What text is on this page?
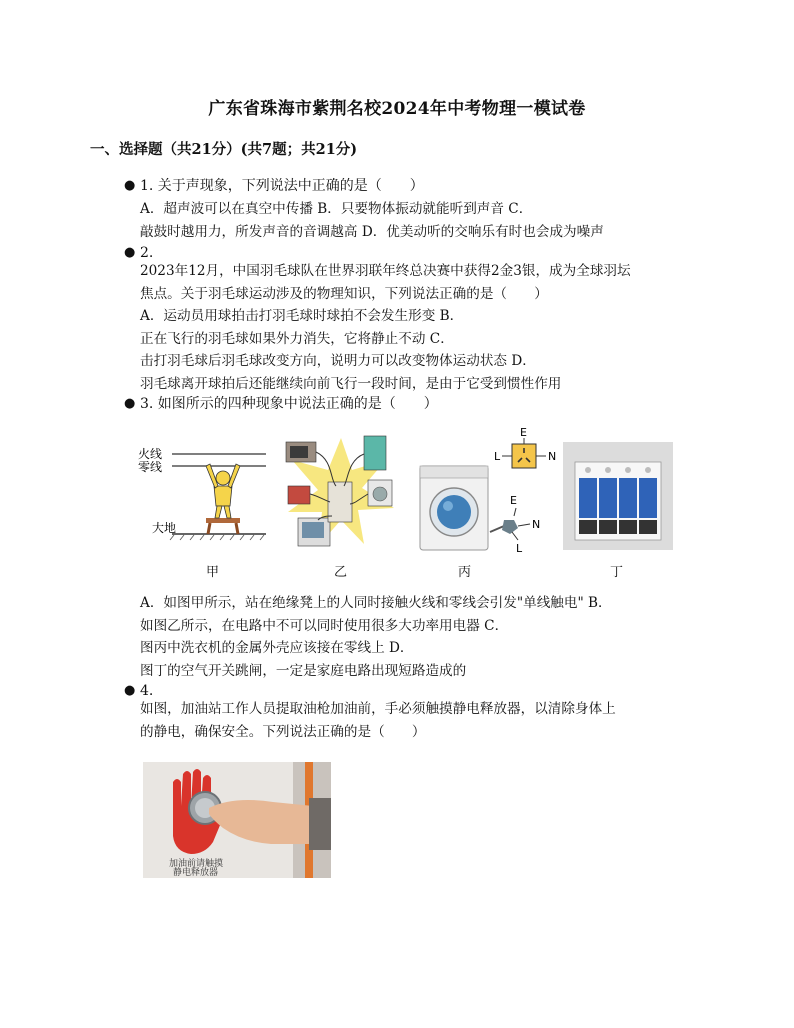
广东省珠海市紫荆名校2024年中考物理一模试卷
一、选择题（共21分）(共7题；共21分)
● 1. 关于声现象，下列说法中正确的是（　　）
A．超声波可以在真空中传播 B．只要物体振动就能听到声音 C．
敲鼓时越用力，所发声音的音调越高 D．优美动听的交响乐有时也会成为噪声
● 2.
2023年12月，中国羽毛球队在世界羽联年终总决赛中获得2金3银，成为全球羽坛
焦点。关于羽毛球运动涉及的物理知识，下列说法正确的是（　　）
A．运动员用球拍击打羽毛球时球拍不会发生形变 B．
正在飞行的羽毛球如果外力消失，它将静止不动 C．
击打羽毛球后羽毛球改变方向，说明力可以改变物体运动状态 D．
羽毛球离开球拍后还能继续向前飞行一段时间，是由于它受到惯性作用
● 3. 如图所示的四种现象中说法正确的是（　　）
火线
零线
大地
E
L	N
E
N
L
甲	乙	丙	丁
A．如图甲所示，站在绝缘凳上的人同时接触火线和零线会引发"单线触电" B．
如图乙所示，在电路中不可以同时使用很多大功率用电器 C．
图丙中洗衣机的金属外壳应该接在零线上 D．
图丁的空气开关跳闸，一定是家庭电路出现短路造成的
● 4.
如图，加油站工作人员提取油枪加油前，手必须触摸静电释放器，以清除身体上
的静电，确保安全。下列说法正确的是（　　）
加油前请触摸
静电释放器
